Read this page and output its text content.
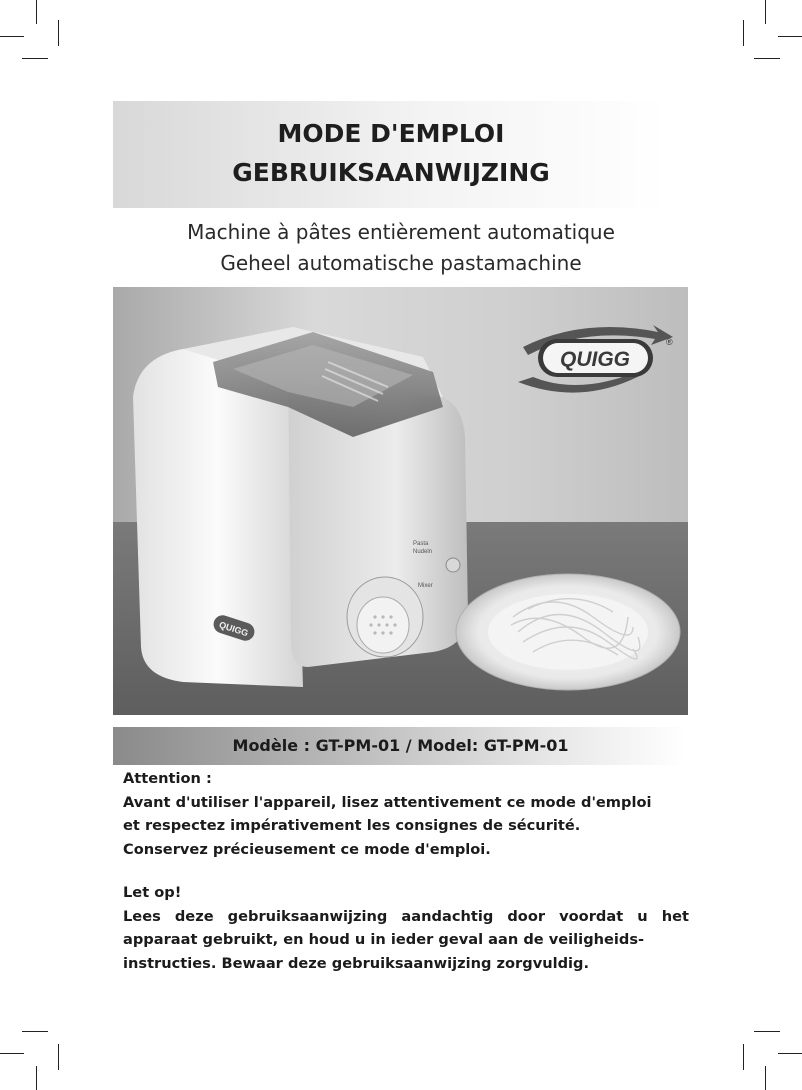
MODE D'EMPLOI
GEBRUIKSAANWIJZING
Machine à pâtes entièrement automatique
Geheel automatische pastamachine
QUIGG
Pasta
Nudeln
Mixer
QUIGG
®
Modèle : GT-PM-01 / Model: GT-PM-01
Attention :
Avant d'utiliser l'appareil, lisez attentivement ce mode d'emploi
et respectez impérativement les consignes de sécurité.
Conservez précieusement ce mode d'emploi.
Let op!
Lees deze gebruiksaanwijzing aandachtig door voordat u het
apparaat gebruikt, en houd u in ieder geval aan de veiligheids-
instructies. Bewaar deze gebruiksaanwijzing zorgvuldig.
